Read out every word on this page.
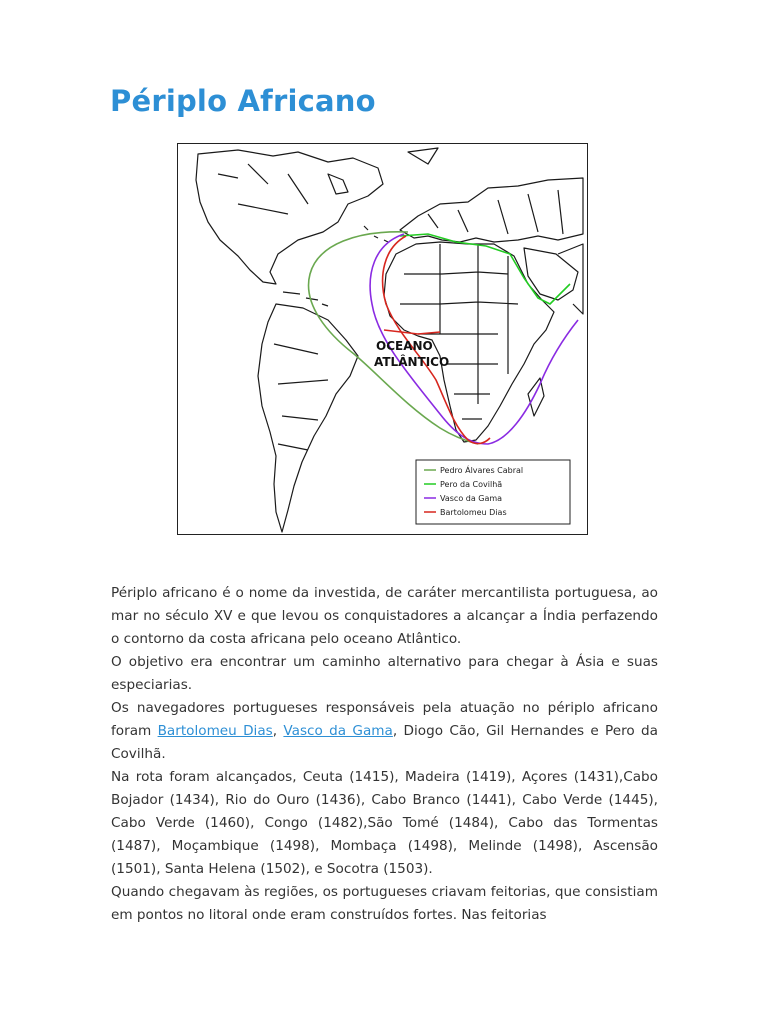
Périplo Africano
OCEANO
ATLÂNTICO
Pedro Álvares Cabral
Pero da Covilhã
Vasco da Gama
Bartolomeu Dias

Périplo africano é o nome da investida, de caráter mercantilista portuguesa, ao mar no século XV e que levou os conquistadores a alcançar a Índia perfazendo o contorno da costa africana pelo oceano Atlântico.

O objetivo era encontrar um caminho alternativo para chegar à Ásia e suas especiarias.

Os navegadores portugueses responsáveis pela atuação no périplo africano foram Bartolomeu Dias, Vasco da Gama, Diogo Cão, Gil Hernandes e Pero da Covilhã.

Na rota foram alcançados, Ceuta (1415), Madeira (1419), Açores (1431),Cabo Bojador (1434), Rio do Ouro (1436), Cabo Branco (1441), Cabo Verde (1445), Cabo Verde (1460), Congo (1482),São Tomé (1484), Cabo das Tormentas (1487), Moçambique (1498), Mombaça (1498), Melinde (1498), Ascensão (1501), Santa Helena (1502), e Socotra (1503).

Quando chegavam às regiões, os portugueses criavam feitorias, que consistiam em pontos no litoral onde eram construídos fortes. Nas feitorias
